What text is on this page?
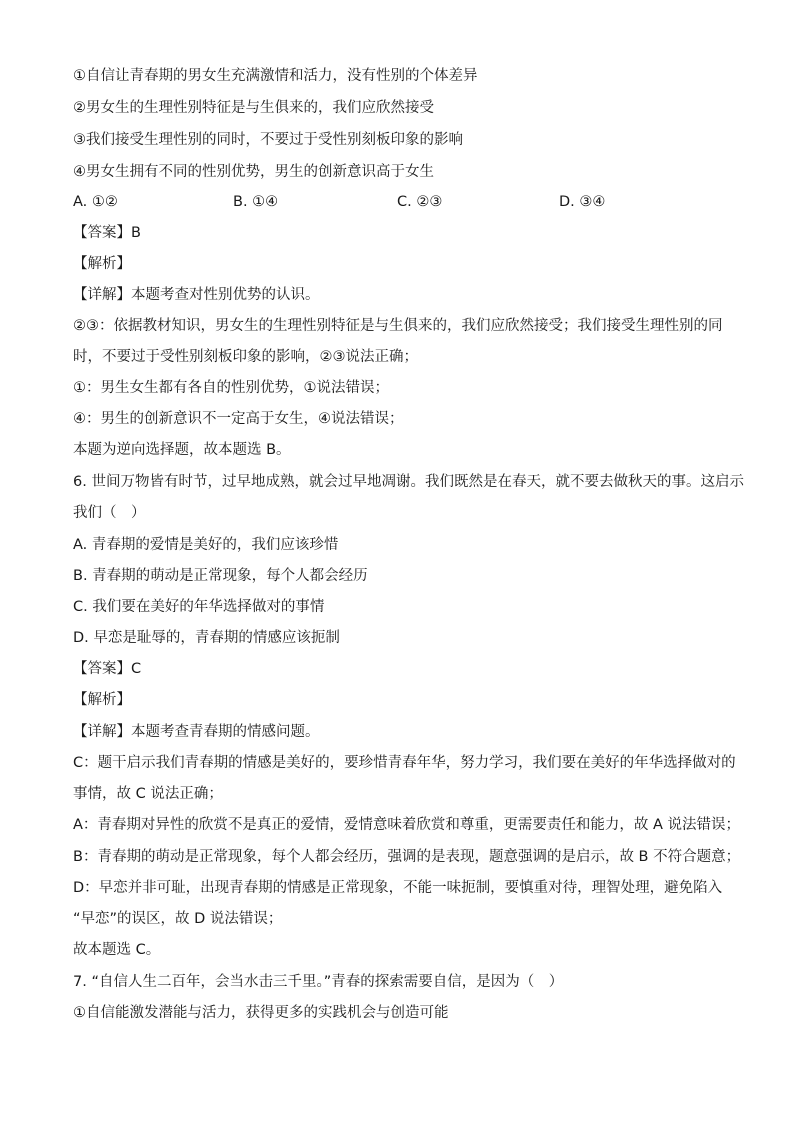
①自信让青春期的男女生充满激情和活力，没有性别的个体差异
②男女生的生理性别特征是与生俱来的，我们应欣然接受
③我们接受生理性别的同时，不要过于受性别刻板印象的影响
④男女生拥有不同的性别优势，男生的创新意识高于女生
A. ①②	B. ①④	C. ②③	D. ③④
【答案】B
【解析】
【详解】本题考查对性别优势的认识。
②③：依据教材知识，男女生的生理性别特征是与生俱来的，我们应欣然接受；我们接受生理性别的同
时，不要过于受性别刻板印象的影响，②③说法正确；
①：男生女生都有各自的性别优势，①说法错误；
④：男生的创新意识不一定高于女生，④说法错误；
本题为逆向选择题，故本题选 B。
6. 世间万物皆有时节，过早地成熟，就会过早地凋谢。我们既然是在春天，就不要去做秋天的事。这启示
我们（　）
A. 青春期的爱情是美好的，我们应该珍惜
B. 青春期的萌动是正常现象，每个人都会经历
C. 我们要在美好的年华选择做对的事情
D. 早恋是耻辱的，青春期的情感应该扼制
【答案】C
【解析】
【详解】本题考查青春期的情感问题。
C：题干启示我们青春期的情感是美好的，要珍惜青春年华，努力学习，我们要在美好的年华选择做对的
事情，故 C 说法正确；
A：青春期对异性的欣赏不是真正的爱情，爱情意味着欣赏和尊重，更需要责任和能力，故 A 说法错误；
B：青春期的萌动是正常现象，每个人都会经历，强调的是表现，题意强调的是启示，故 B 不符合题意；
D：早恋并非可耻，出现青春期的情感是正常现象，不能一味扼制，要慎重对待，理智处理，避免陷入
“早恋”的误区，故 D 说法错误；
故本题选 C。
7. “自信人生二百年，会当水击三千里。”青春的探索需要自信，是因为（　）
①自信能激发潜能与活力，获得更多的实践机会与创造可能
